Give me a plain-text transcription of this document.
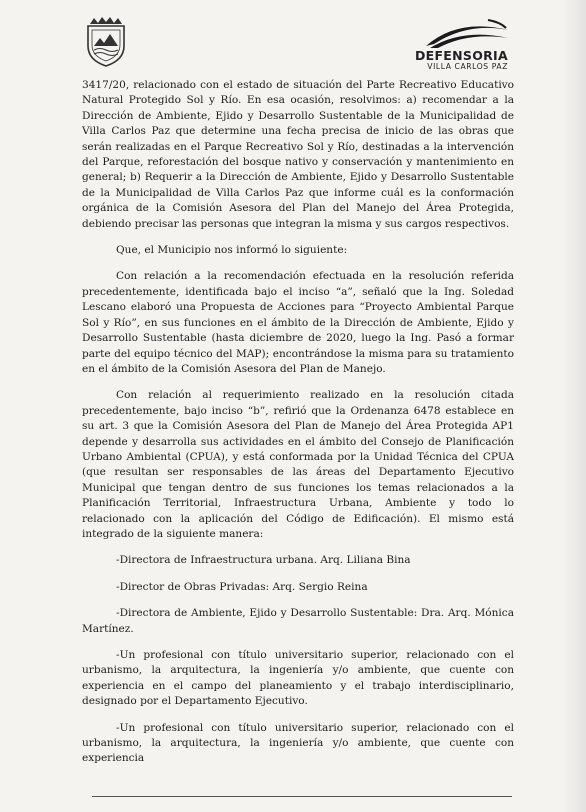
DEFENSORIA
VILLA CARLOS PAZ

3417/20, relacionado con el estado de situación del Parte Recreativo Educativo Natural Protegido Sol y Río. En esa ocasión, resolvimos: a) recomendar a la Dirección de Ambiente, Ejido y Desarrollo Sustentable de la Municipalidad de Villa Carlos Paz que determine una fecha precisa de inicio de las obras que serán realizadas en el Parque Recreativo Sol y Río, destinadas a la intervención del Parque, reforestación del bosque nativo y conservación y mantenimiento en general; b) Requerir a la Dirección de Ambiente, Ejido y Desarrollo Sustentable de la Municipalidad de Villa Carlos Paz que informe cuál es la conformación orgánica de la Comisión Asesora del Plan del Manejo del Área Protegida, debiendo precisar las personas que integran la misma y sus cargos respectivos.

Que, el Municipio nos informó lo siguiente:

Con relación a la recomendación efectuada en la resolución referida precedentemente, identificada bajo el inciso “a”, señaló que la Ing. Soledad Lescano elaboró una Propuesta de Acciones para “Proyecto Ambiental Parque Sol y Río”, en sus funciones en el ámbito de la Dirección de Ambiente, Ejido y Desarrollo Sustentable (hasta diciembre de 2020, luego la Ing. Pasó a formar parte del equipo técnico del MAP); encontrándose la misma para su tratamiento en el ámbito de la Comisión Asesora del Plan de Manejo.

Con relación al requerimiento realizado en la resolución citada precedentemente, bajo inciso “b”, refirió que la Ordenanza 6478 establece en su art. 3 que la Comisión Asesora del Plan de Manejo del Área Protegida AP1 depende y desarrolla sus actividades en el ámbito del Consejo de Planificación Urbano Ambiental (CPUA), y está conformada por la Unidad Técnica del CPUA (que resultan ser responsables de las áreas del Departamento Ejecutivo Municipal que tengan dentro de sus funciones los temas relacionados a la Planificación Territorial, Infraestructura Urbana, Ambiente y todo lo relacionado con la aplicación del Código de Edificación). El mismo está integrado de la siguiente manera:

-Directora de Infraestructura urbana. Arq. Liliana Bina

-Director de Obras Privadas: Arq. Sergio Reina

-Directora de Ambiente, Ejido y Desarrollo Sustentable: Dra. Arq. Mónica Martínez.

-Un profesional con título universitario superior, relacionado con el urbanismo, la arquitectura, la ingeniería y/o ambiente, que cuente con experiencia en el campo del planeamiento y el trabajo interdisciplinario, designado por el Departamento Ejecutivo.

-Un profesional con título universitario superior, relacionado con el urbanismo, la arquitectura, la ingeniería y/o ambiente, que cuente con experiencia
